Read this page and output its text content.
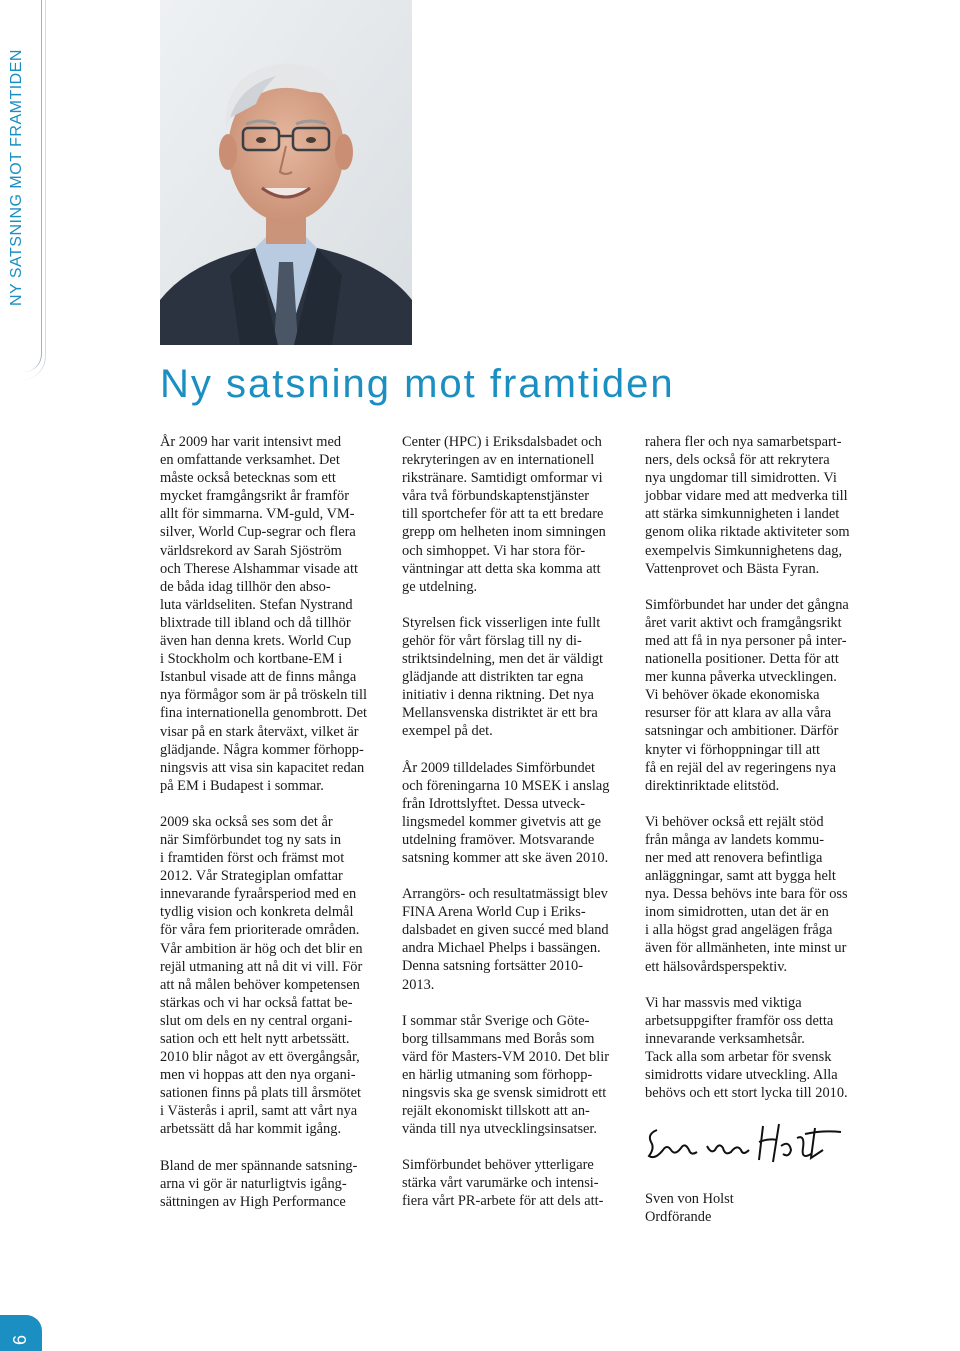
NY SATSNING MOT FRAMTIDEN
Ny satsning mot framtiden

År 2009 har varit intensivt med
en omfattande verksamhet. Det
måste också betecknas som ett
mycket framgångsrikt år framför
allt för simmarna. VM-guld, VM-
silver, World Cup-segrar och flera
världsrekord av Sarah Sjöström
och Therese Alshammar visade att
de båda idag tillhör den abso-
luta världseliten. Stefan Nystrand
blixtrade till ibland och då tillhör
även han denna krets. World Cup
i Stockholm och kortbane-EM i
Istanbul visade att de finns många
nya förmågor som är på tröskeln till
fina internationella genombrott. Det
visar på en stark återväxt, vilket är
glädjande. Några kommer förhopp-
ningsvis att visa sin kapacitet redan
på EM i Budapest i sommar.

2009 ska också ses som det år
när Simförbundet tog ny sats in
i framtiden först och främst mot
2012. Vår Strategiplan omfattar
innevarande fyraårsperiod med en
tydlig vision och konkreta delmål
för våra fem prioriterade områden.
Vår ambition är hög och det blir en
rejäl utmaning att nå dit vi vill. För
att nå målen behöver kompetensen
stärkas och vi har också fattat be-
slut om dels en ny central organi-
sation och ett helt nytt arbetssätt.
2010 blir något av ett övergångsår,
men vi hoppas att den nya organi-
sationen finns på plats till årsmötet
i Västerås i april, samt att vårt nya
arbetssätt då har kommit igång.

Bland de mer spännande satsning-
arna vi gör är naturligtvis igång-
sättningen av High Performance

Center (HPC) i Eriksdalsbadet och
rekryteringen av en internationell
rikstränare. Samtidigt omformar vi
våra två förbundskaptenstjänster
till sportchefer för att ta ett bredare
grepp om helheten inom simningen
och simhoppet. Vi har stora för-
väntningar att detta ska komma att
ge utdelning.

Styrelsen fick visserligen inte fullt
gehör för vårt förslag till ny di-
striktsindelning, men det är väldigt
glädjande att distrikten tar egna
initiativ i denna riktning. Det nya
Mellansvenska distriktet är ett bra
exempel på det.

År 2009 tilldelades Simförbundet
och föreningarna 10 MSEK i anslag
från Idrottslyftet. Dessa utveck-
lingsmedel kommer givetvis att ge
utdelning framöver. Motsvarande
satsning kommer att ske även 2010.

Arrangörs- och resultatmässigt blev
FINA Arena World Cup i Eriks-
dalsbadet en given succé med bland
andra Michael Phelps i bassängen.
Denna satsning fortsätter 2010-
2013.

I sommar står Sverige och Göte-
borg tillsammans med Borås som
värd för Masters-VM 2010. Det blir
en härlig utmaning som förhopp-
ningsvis ska ge svensk simidrott ett
rejält ekonomiskt tillskott att an-
vända till nya utvecklingsinsatser.

Simförbundet behöver ytterligare
stärka vårt varumärke och intensi-
fiera vårt PR-arbete för att dels att-

rahera fler och nya samarbetspart-
ners, dels också för att rekrytera
nya ungdomar till simidrotten. Vi
jobbar vidare med att medverka till
att stärka simkunnigheten i landet
genom olika riktade aktiviteter som
exempelvis Simkunnighetens dag,
Vattenprovet och Bästa Fyran.

Simförbundet har under det gångna
året varit aktivt och framgångsrikt
med att få in nya personer på inter-
nationella positioner. Detta för att
mer kunna påverka utvecklingen.
Vi behöver ökade ekonomiska
resurser för att klara av alla våra
satsningar och ambitioner. Därför
knyter vi förhoppningar till att
få en rejäl del av regeringens nya
direktinriktade elitstöd.

Vi behöver också ett rejält stöd
från många av landets kommu-
ner med att renovera befintliga
anläggningar, samt att bygga helt
nya. Dessa behövs inte bara för oss
inom simidrotten, utan det är en
i alla högst grad angelägen fråga
även för allmänheten, inte minst ur
ett hälsovårdsperspektiv.

Vi har massvis med viktiga
arbetsuppgifter framför oss detta
innevarande verksamhetsår.
Tack alla som arbetar för svensk
simidrotts vidare utveckling. Alla
behövs och ett stort lycka till 2010.

Sven von Holst

Ordförande

6
